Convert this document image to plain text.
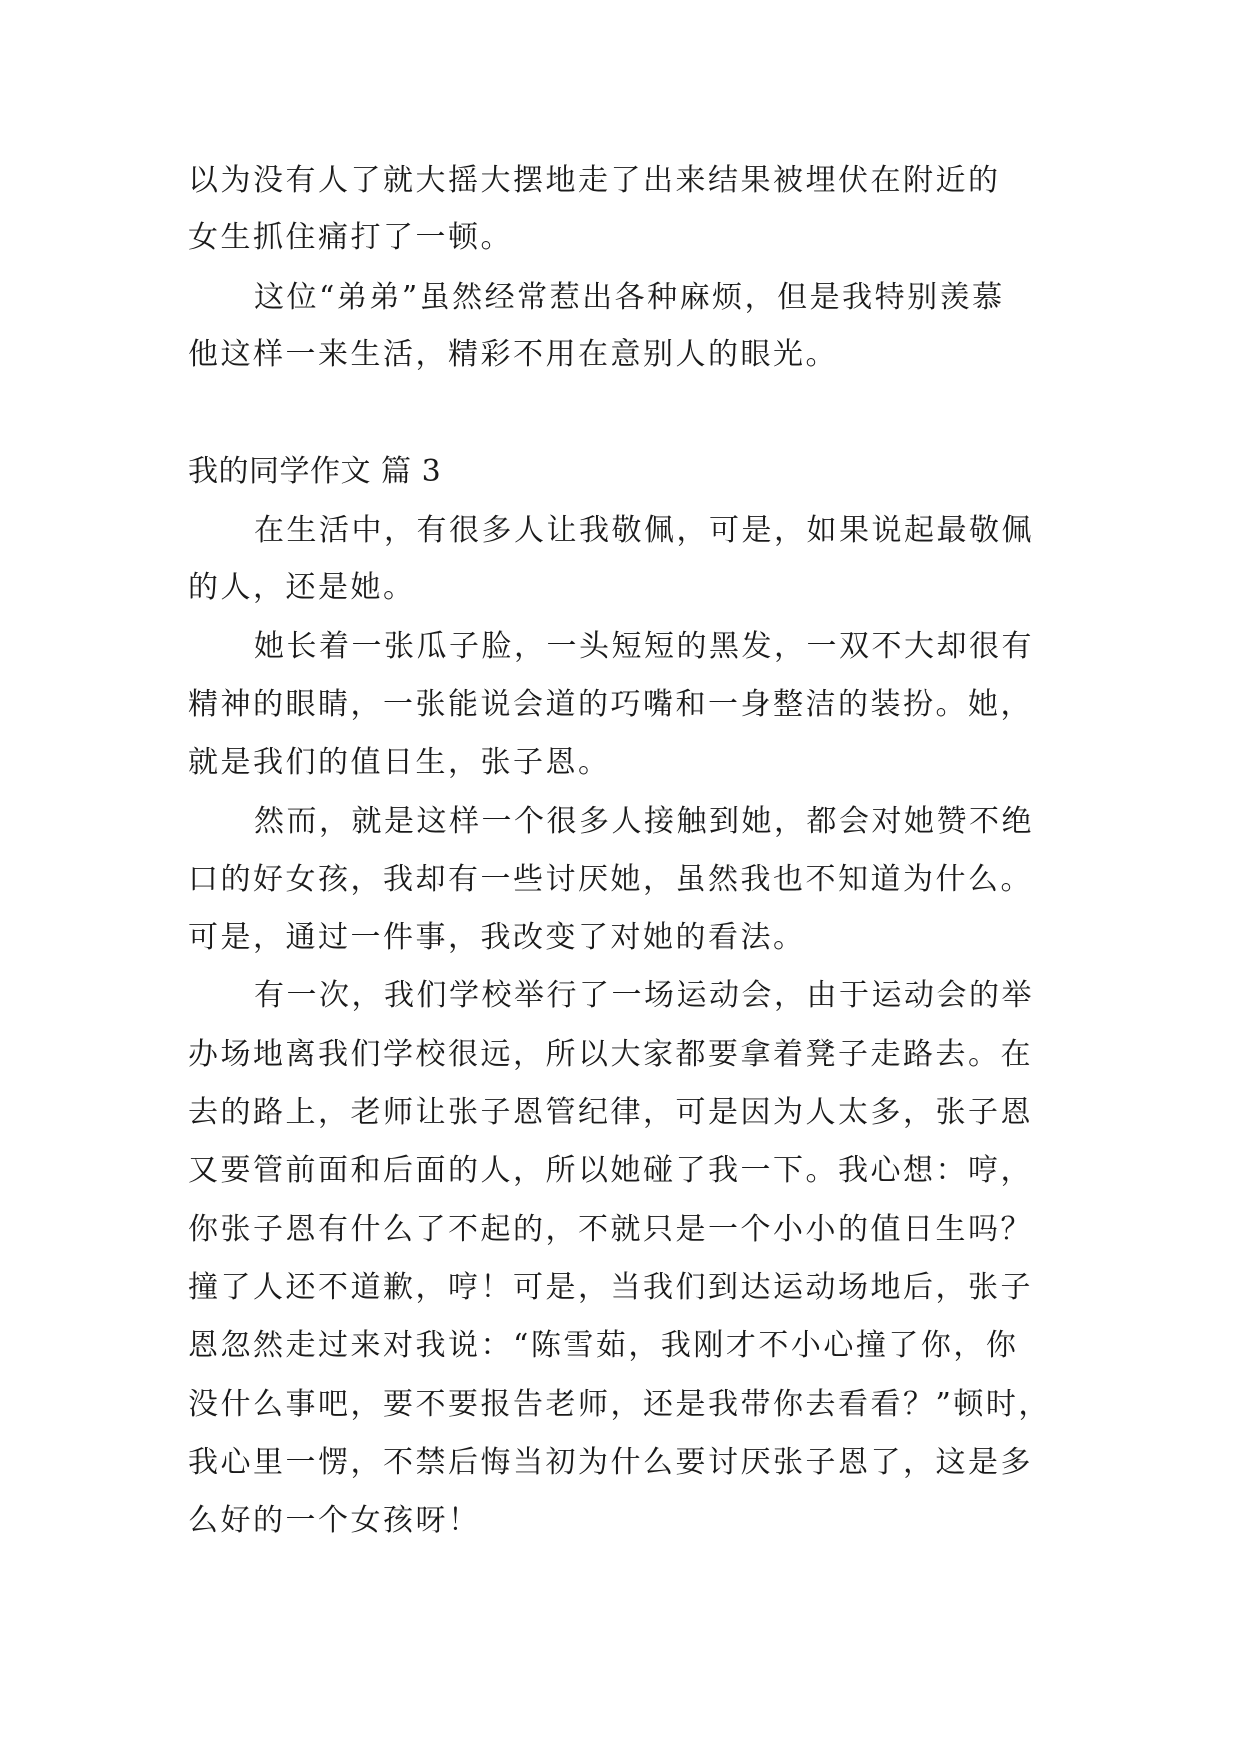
以为没有人了就大摇大摆地走了出来结果被埋伏在附近的
女生抓住痛打了一顿。
这位“弟弟”虽然经常惹出各种麻烦，但是我特别羡慕
他这样一来生活，精彩不用在意别人的眼光。
我的同学作文 篇 3
在生活中，有很多人让我敬佩，可是，如果说起最敬佩
的人，还是她。
她长着一张瓜子脸，一头短短的黑发，一双不大却很有
精神的眼睛，一张能说会道的巧嘴和一身整洁的装扮。她，
就是我们的值日生，张子恩。
然而，就是这样一个很多人接触到她，都会对她赞不绝
口的好女孩，我却有一些讨厌她，虽然我也不知道为什么。
可是，通过一件事，我改变了对她的看法。
有一次，我们学校举行了一场运动会，由于运动会的举
办场地离我们学校很远，所以大家都要拿着凳子走路去。在
去的路上，老师让张子恩管纪律，可是因为人太多，张子恩
又要管前面和后面的人，所以她碰了我一下。我心想：哼，
你张子恩有什么了不起的，不就只是一个小小的值日生吗？
撞了人还不道歉，哼！可是，当我们到达运动场地后，张子
恩忽然走过来对我说：“陈雪茹，我刚才不小心撞了你，你
没什么事吧，要不要报告老师，还是我带你去看看？”顿时，
我心里一愣，不禁后悔当初为什么要讨厌张子恩了，这是多
么好的一个女孩呀！
